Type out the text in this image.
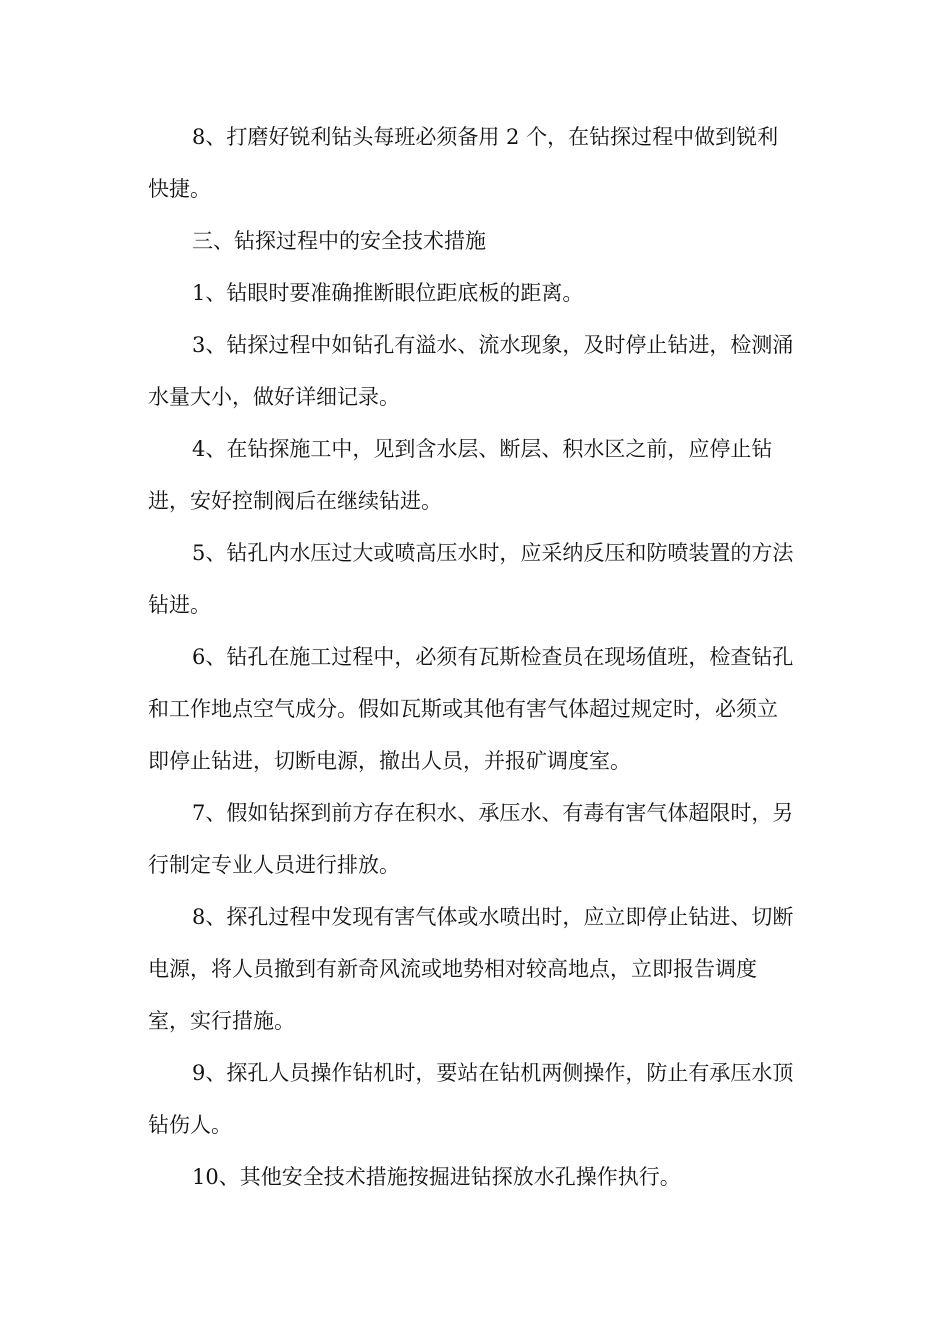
8、打磨好锐利钻头每班必须备用 2 个，在钻探过程中做到锐利快捷。

三、钻探过程中的安全技术措施

1、钻眼时要准确推断眼位距底板的距离。

3、钻探过程中如钻孔有溢水、流水现象，及时停止钻进，检测涌水量大小，做好详细记录。

4、在钻探施工中，见到含水层、断层、积水区之前，应停止钻进，安好控制阀后在继续钻进。

5、钻孔内水压过大或喷高压水时，应采纳反压和防喷装置的方法钻进。

6、钻孔在施工过程中，必须有瓦斯检查员在现场值班，检查钻孔和工作地点空气成分。假如瓦斯或其他有害气体超过规定时，必须立即停止钻进，切断电源，撤出人员，并报矿调度室。

7、假如钻探到前方存在积水、承压水、有毒有害气体超限时，另行制定专业人员进行排放。

8、探孔过程中发现有害气体或水喷出时，应立即停止钻进、切断电源，将人员撤到有新奇风流或地势相对较高地点，立即报告调度室，实行措施。

9、探孔人员操作钻机时，要站在钻机两侧操作，防止有承压水顶钻伤人。

10、其他安全技术措施按掘进钻探放水孔操作执行。
